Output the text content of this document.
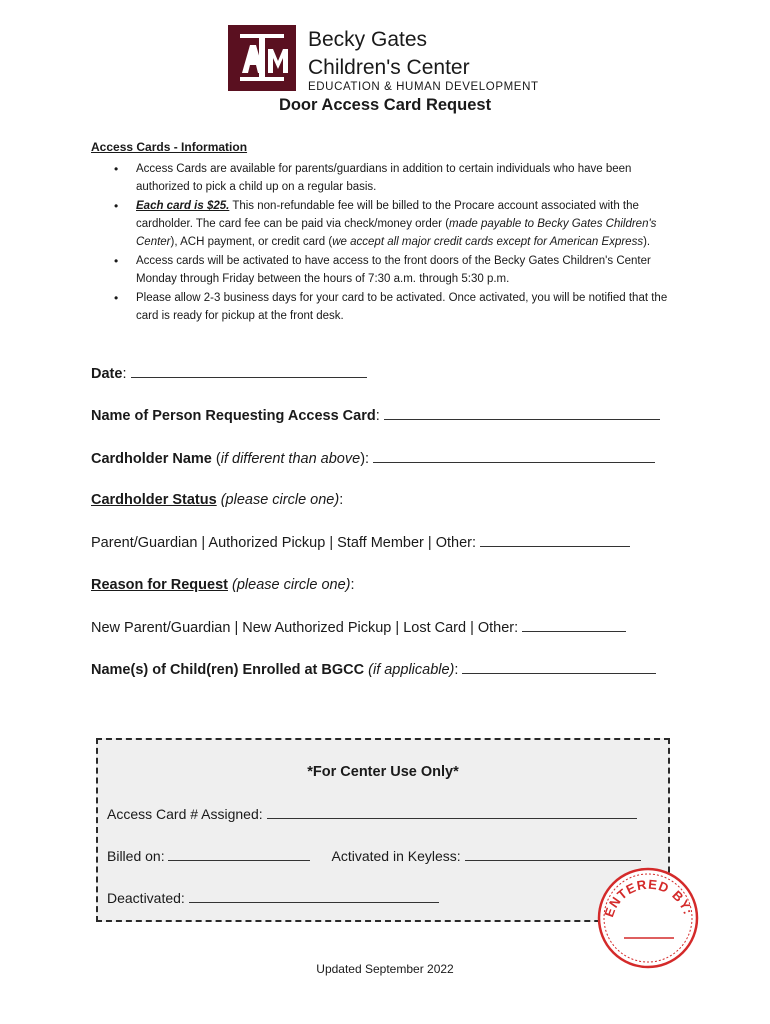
Becky Gates
Children's Center
EDUCATION & HUMAN DEVELOPMENT
Door Access Card Request
Access Cards - Information
• Access Cards are available for parents/guardians in addition to certain individuals who have been authorized to pick a child up on a regular basis.
• Each card is $25. This non-refundable fee will be billed to the Procare account associated with the cardholder. The card fee can be paid via check/money order (made payable to Becky Gates Children's Center), ACH payment, or credit card (we accept all major credit cards except for American Express).
• Access cards will be activated to have access to the front doors of the Becky Gates Children's Center Monday through Friday between the hours of 7:30 a.m. through 5:30 p.m.
• Please allow 2-3 business days for your card to be activated. Once activated, you will be notified that the card is ready for pickup at the front desk.
Date:
Name of Person Requesting Access Card:
Cardholder Name (if different than above):
Cardholder Status (please circle one):
Parent/Guardian | Authorized Pickup | Staff Member | Other:
Reason for Request (please circle one):
New Parent/Guardian | New Authorized Pickup | Lost Card | Other:
Name(s) of Child(ren) Enrolled at BGCC (if applicable):
*For Center Use Only*
Access Card # Assigned:
Billed on:	Activated in Keyless:
Deactivated:
ENTERED BY:
Updated September 2022
